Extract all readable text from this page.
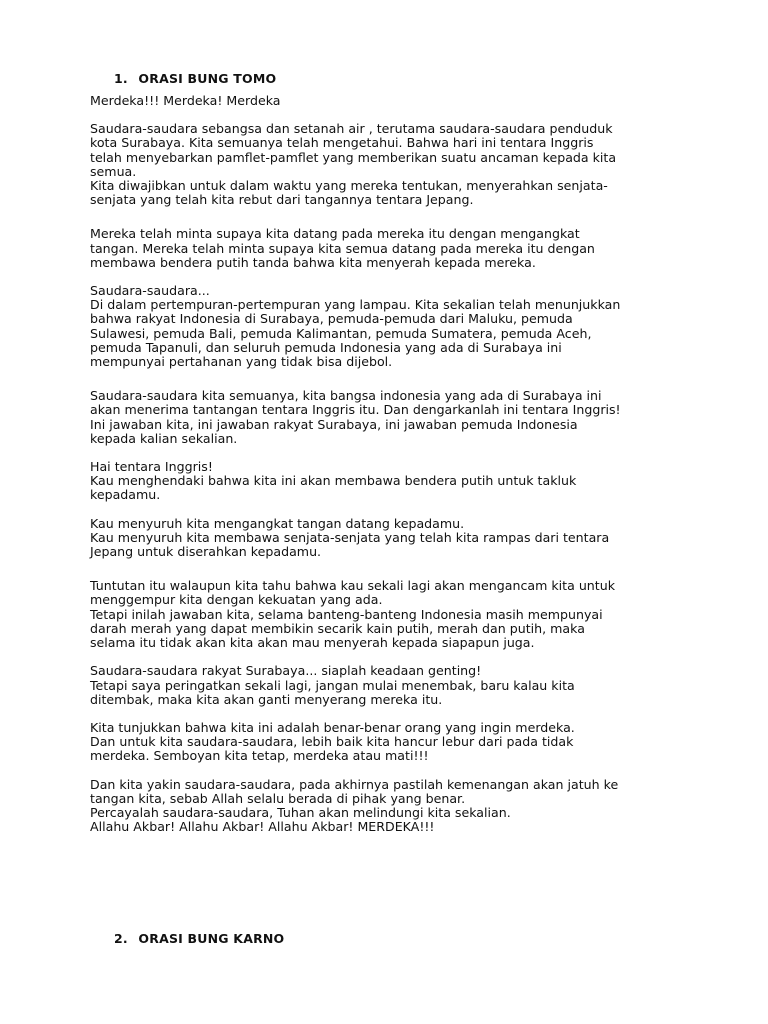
1. ORASI BUNG TOMO

Merdeka!!! Merdeka! Merdeka

Saudara-saudara sebangsa dan setanah air , terutama saudara-saudara penduduk

kota Surabaya. Kita semuanya telah mengetahui. Bahwa hari ini tentara Inggris

telah menyebarkan pamflet-pamflet yang memberikan suatu ancaman kepada kita

semua.

Kita diwajibkan untuk dalam waktu yang mereka tentukan, menyerahkan senjata-

senjata yang telah kita rebut dari tangannya tentara Jepang.

Mereka telah minta supaya kita datang pada mereka itu dengan mengangkat

tangan. Mereka telah minta supaya kita semua datang pada mereka itu dengan

membawa bendera putih tanda bahwa kita menyerah kepada mereka.

Saudara-saudara...

Di dalam pertempuran-pertempuran yang lampau. Kita sekalian telah menunjukkan

bahwa rakyat Indonesia di Surabaya, pemuda-pemuda dari Maluku, pemuda

Sulawesi, pemuda Bali, pemuda Kalimantan, pemuda Sumatera, pemuda Aceh,

pemuda Tapanuli, dan seluruh pemuda Indonesia yang ada di Surabaya ini

mempunyai pertahanan yang tidak bisa dijebol.

Saudara-saudara kita semuanya, kita bangsa indonesia yang ada di Surabaya ini

akan menerima tantangan tentara Inggris itu. Dan dengarkanlah ini tentara Inggris!

Ini jawaban kita, ini jawaban rakyat Surabaya, ini jawaban pemuda Indonesia

kepada kalian sekalian.

Hai tentara Inggris!

Kau menghendaki bahwa kita ini akan membawa bendera putih untuk takluk

kepadamu.

Kau menyuruh kita mengangkat tangan datang kepadamu.

Kau menyuruh kita membawa senjata-senjata yang telah kita rampas dari tentara

Jepang untuk diserahkan kepadamu.

Tuntutan itu walaupun kita tahu bahwa kau sekali lagi akan mengancam kita untuk

menggempur kita dengan kekuatan yang ada.

Tetapi inilah jawaban kita, selama banteng-banteng Indonesia masih mempunyai

darah merah yang dapat membikin secarik kain putih, merah dan putih, maka

selama itu tidak akan kita akan mau menyerah kepada siapapun juga.

Saudara-saudara rakyat Surabaya... siaplah keadaan genting!

Tetapi saya peringatkan sekali lagi, jangan mulai menembak, baru kalau kita

ditembak, maka kita akan ganti menyerang mereka itu.

Kita tunjukkan bahwa kita ini adalah benar-benar orang yang ingin merdeka.

Dan untuk kita saudara-saudara, lebih baik kita hancur lebur dari pada tidak

merdeka. Semboyan kita tetap, merdeka atau mati!!!

Dan kita yakin saudara-saudara, pada akhirnya pastilah kemenangan akan jatuh ke

tangan kita, sebab Allah selalu berada di pihak yang benar.

Percayalah saudara-saudara, Tuhan akan melindungi kita sekalian.

Allahu Akbar! Allahu Akbar! Allahu Akbar! MERDEKA!!!

2. ORASI BUNG KARNO
